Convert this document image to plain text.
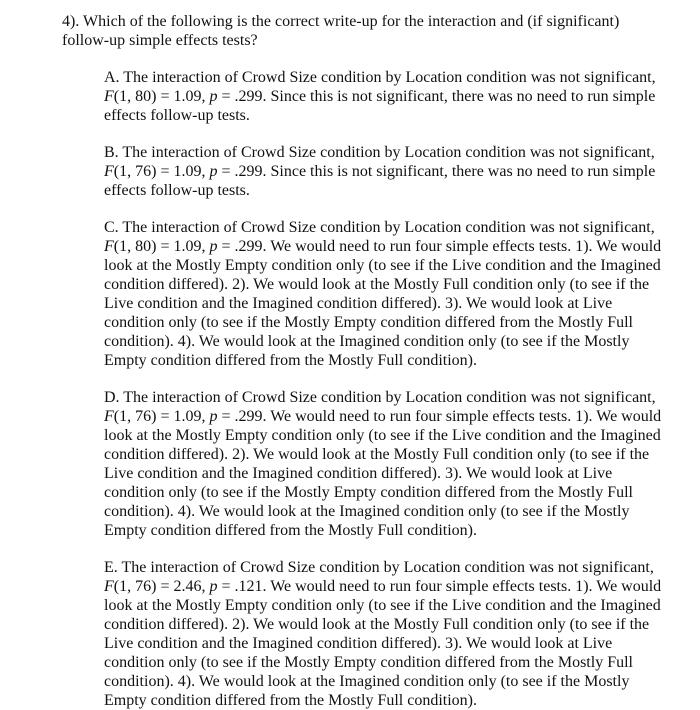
4). Which of the following is the correct write-up for the interaction and (if significant) follow-up simple effects tests?

A. The interaction of Crowd Size condition by Location condition was not significant, F(1, 80) = 1.09, p = .299. Since this is not significant, there was no need to run simple effects follow-up tests.

B. The interaction of Crowd Size condition by Location condition was not significant, F(1, 76) = 1.09, p = .299. Since this is not significant, there was no need to run simple effects follow-up tests.

C. The interaction of Crowd Size condition by Location condition was not significant, F(1, 80) = 1.09, p = .299. We would need to run four simple effects tests. 1). We would look at the Mostly Empty condition only (to see if the Live condition and the Imagined condition differed). 2). We would look at the Mostly Full condition only (to see if the Live condition and the Imagined condition differed). 3). We would look at Live condition only (to see if the Mostly Empty condition differed from the Mostly Full condition). 4). We would look at the Imagined condition only (to see if the Mostly Empty condition differed from the Mostly Full condition).

D. The interaction of Crowd Size condition by Location condition was not significant, F(1, 76) = 1.09, p = .299. We would need to run four simple effects tests. 1). We would look at the Mostly Empty condition only (to see if the Live condition and the Imagined condition differed). 2). We would look at the Mostly Full condition only (to see if the Live condition and the Imagined condition differed). 3). We would look at Live condition only (to see if the Mostly Empty condition differed from the Mostly Full condition). 4). We would look at the Imagined condition only (to see if the Mostly Empty condition differed from the Mostly Full condition).

E. The interaction of Crowd Size condition by Location condition was not significant, F(1, 76) = 2.46, p = .121. We would need to run four simple effects tests. 1). We would look at the Mostly Empty condition only (to see if the Live condition and the Imagined condition differed). 2). We would look at the Mostly Full condition only (to see if the Live condition and the Imagined condition differed). 3). We would look at Live condition only (to see if the Mostly Empty condition differed from the Mostly Full condition). 4). We would look at the Imagined condition only (to see if the Mostly Empty condition differed from the Mostly Full condition).
